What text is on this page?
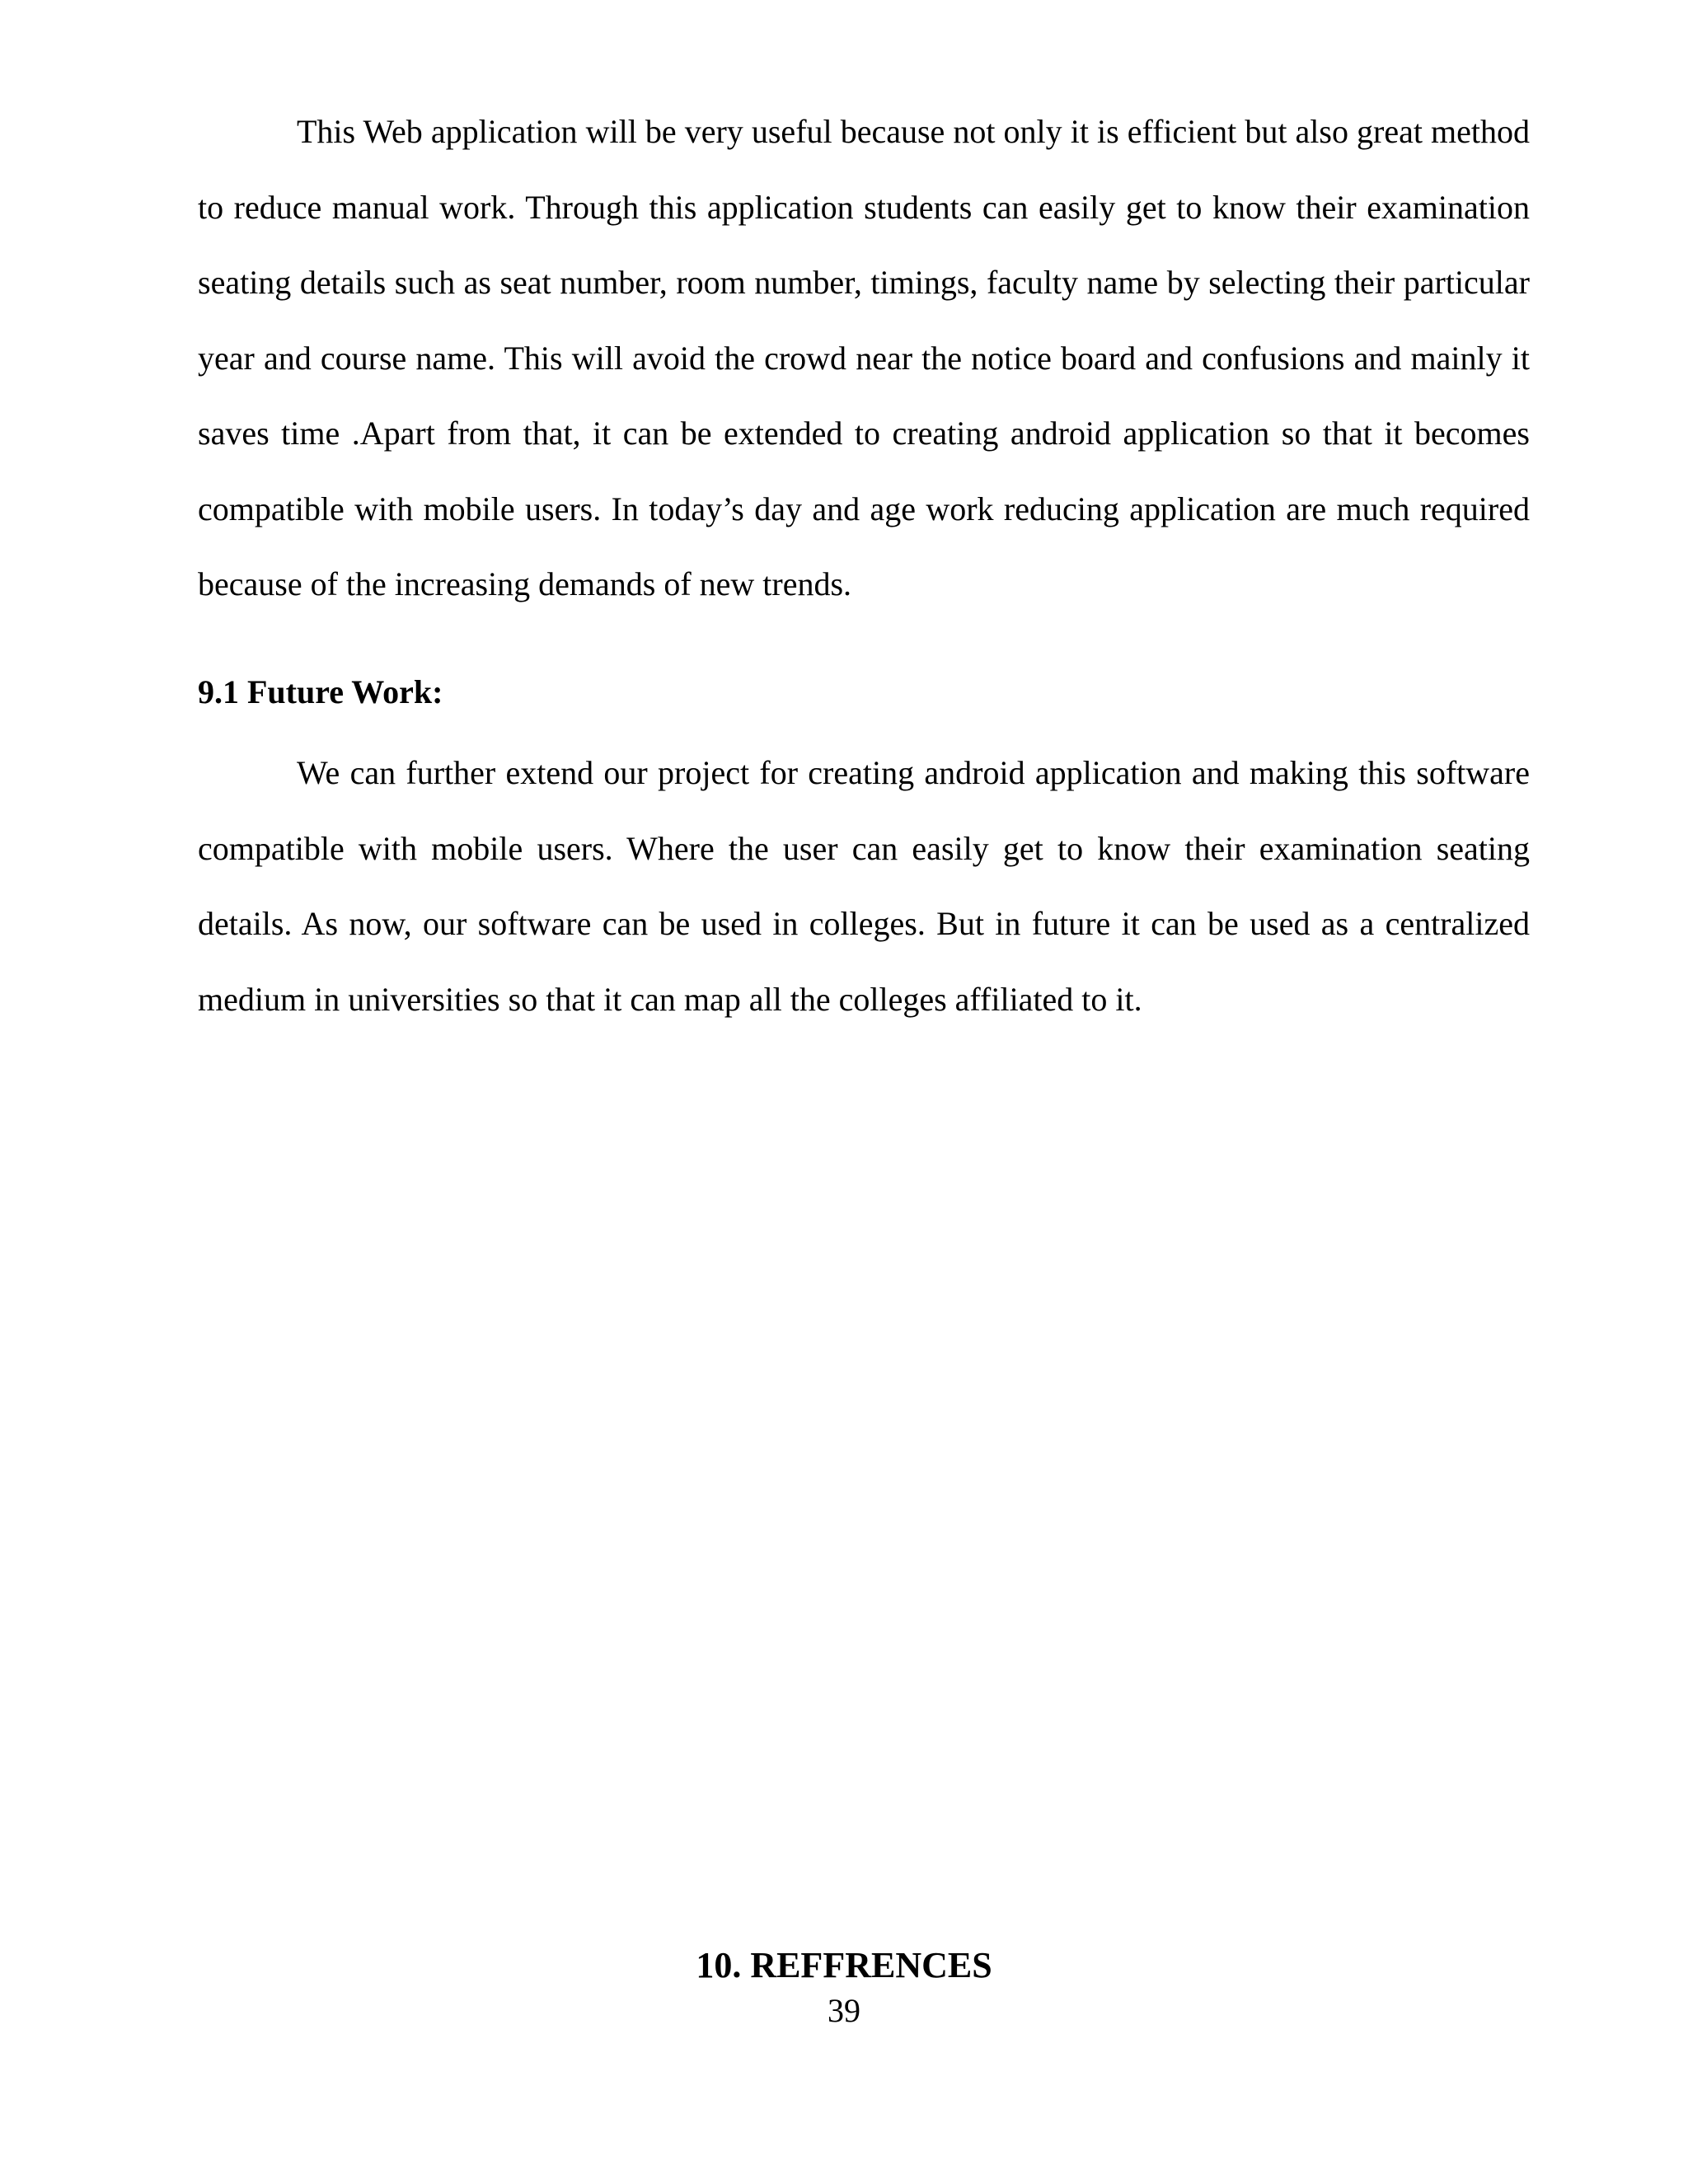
This Web application will be very useful because not only it is efficient but also great method to reduce manual work. Through this application students can easily get to know their examination seating details such as seat number, room number, timings, faculty name by selecting their particular year and course name. This will avoid the crowd near the notice board and confusions and mainly it saves time .Apart from that, it can be extended to creating android application so that it becomes compatible with mobile users. In today’s day and age work reducing application are much required because of the increasing demands of new trends.

9.1 Future Work:

We can further extend our project for creating android application and making this software compatible with mobile users. Where the user can easily get to know their examination seating details. As now, our software can be used in colleges. But in future it can be used as a centralized medium in universities so that it can map all the colleges affiliated to it.

10. REFFRENCES
39
